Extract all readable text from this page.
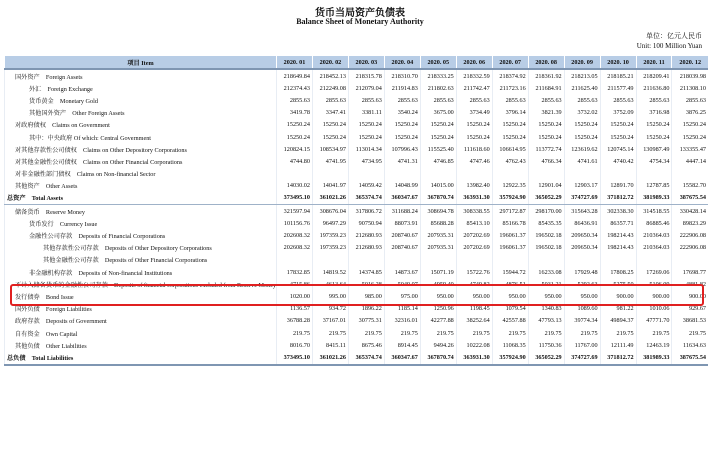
货币当局资产负债表
Balance Sheet of Monetary Authority
单位：亿元人民币
Unit: 100 Million Yuan
项目 Item	2020. 01	2020. 02	2020. 03	2020. 04	2020. 05	2020. 06	2020. 07	2020. 08	2020. 09	2020. 10	2020. 11	2020. 12
国外资产　Foreign Assets	218649.84	218452.13	218315.78	218310.70	218333.25	218332.59	218374.92	218361.92	218213.05	218185.21	218209.41	218039.98
外汇　Foreign Exchange	212374.43	212249.08	212079.04	211914.83	211802.63	211742.47	211723.16	211684.91	211625.40	211577.49	211636.80	211308.10
货币黄金　Monetary Gold	2855.63	2855.63	2855.63	2855.63	2855.63	2855.63	2855.63	2855.63	2855.63	2855.63	2855.63	2855.63
其他国外资产　Other Foreign Assets	3419.78	3347.41	3381.11	3540.24	3675.00	3734.49	3796.14	3821.39	3732.02	3752.09	3716.98	3876.25
对政府债权　Claims on Government	15250.24	15250.24	15250.24	15250.24	15250.24	15250.24	15250.24	15250.24	15250.24	15250.24	15250.24	15250.24
其中：中央政府 Of which: Central Government	15250.24	15250.24	15250.24	15250.24	15250.24	15250.24	15250.24	15250.24	15250.24	15250.24	15250.24	15250.24
对其他存款性公司债权　Claims on Other Depository Corporations	120824.15	108534.97	113014.34	107996.43	115525.40	111618.60	106614.95	113772.74	123619.62	120745.14	130987.49	133355.47
对其他金融性公司债权　Claims on Other Financial Corporations	4744.80	4741.95	4734.95	4741.31	4746.85	4747.46	4762.43	4766.34	4741.61	4740.42	4754.34	4447.14
对非金融性部门债权　Claims on Non-financial Sector												
其他资产　Other Assets	14030.02	14041.97	14059.42	14048.99	14015.00	13982.40	12922.35	12901.04	12903.17	12891.70	12787.85	15582.70
总资产　Total Assets	373495.10	361021.26	365374.74	360347.67	367870.74	363931.30	357924.90	365052.29	374727.69	371812.72	381989.33	387675.54
储备货币　Reserve Money	321597.94	308676.04	317806.72	311688.24	308694.78	308338.55	297172.87	298170.00	315643.28	302338.30	314518.55	330428.14
货币发行　Currency Issue	101156.76	96497.29	90750.94	88073.91	85688.28	85413.10	85166.78	85435.35	86436.91	86357.71	86885.46	89823.29
金融性公司存款　Deposits of Financial Corporations	202608.32	197359.23	212680.93	208740.67	207935.31	207202.69	196061.37	196502.18	209650.34	198214.43	210364.03	222906.08
其他存款性公司存款　Deposits of Other Depository Corporations	202608.32	197359.23	212680.93	208740.67	207935.31	207202.69	196061.37	196502.18	209650.34	198214.43	210364.03	222906.08
其他金融性公司存款　Deposits of Other Financial Corporations												
非金融机构存款　Deposits of Non-financial Institutions	17832.85	14819.52	14374.85	14873.67	15071.19	15722.76	15944.72	16233.08	17929.48	17808.25	17269.06	17698.77
不计入储备货币的金融性公司存款　Deposits of financial corporations excluded from Reserve Money	4715.86	4613.64	5016.28	5049.07	4959.40	4749.82	4876.51	5031.21	5292.63	5275.50	5106.09	4881.82
发行债券　Bond Issue	1020.00	995.00	985.00	975.00	950.00	950.00	950.00	950.00	950.00	900.00	900.00	900.00
国外负债　Foreign Liabilities	1136.57	934.72	1896.22	1185.14	1250.96	1198.45	1079.54	1340.83	1089.60	981.22	1010.06	929.67
政府存款　Deposits of Government	36788.28	37167.01	30775.31	32316.01	42277.88	38252.64	42557.88	47793.13	39774.34	49894.37	47771.70	38681.53
自有资金　Own Capital	219.75	219.75	219.75	219.75	219.75	219.75	219.75	219.75	219.75	219.75	219.75	219.75
其他负债　Other Liabilities	8016.70	8415.11	8675.46	8914.45	9494.26	10222.08	11068.35	11750.36	11767.00	12111.49	12463.19	11634.63
总负债　Total Liabilities	373495.10	361021.26	365374.74	360347.67	367870.74	363931.30	357924.90	365052.29	374727.69	371812.72	381989.33	387675.54
